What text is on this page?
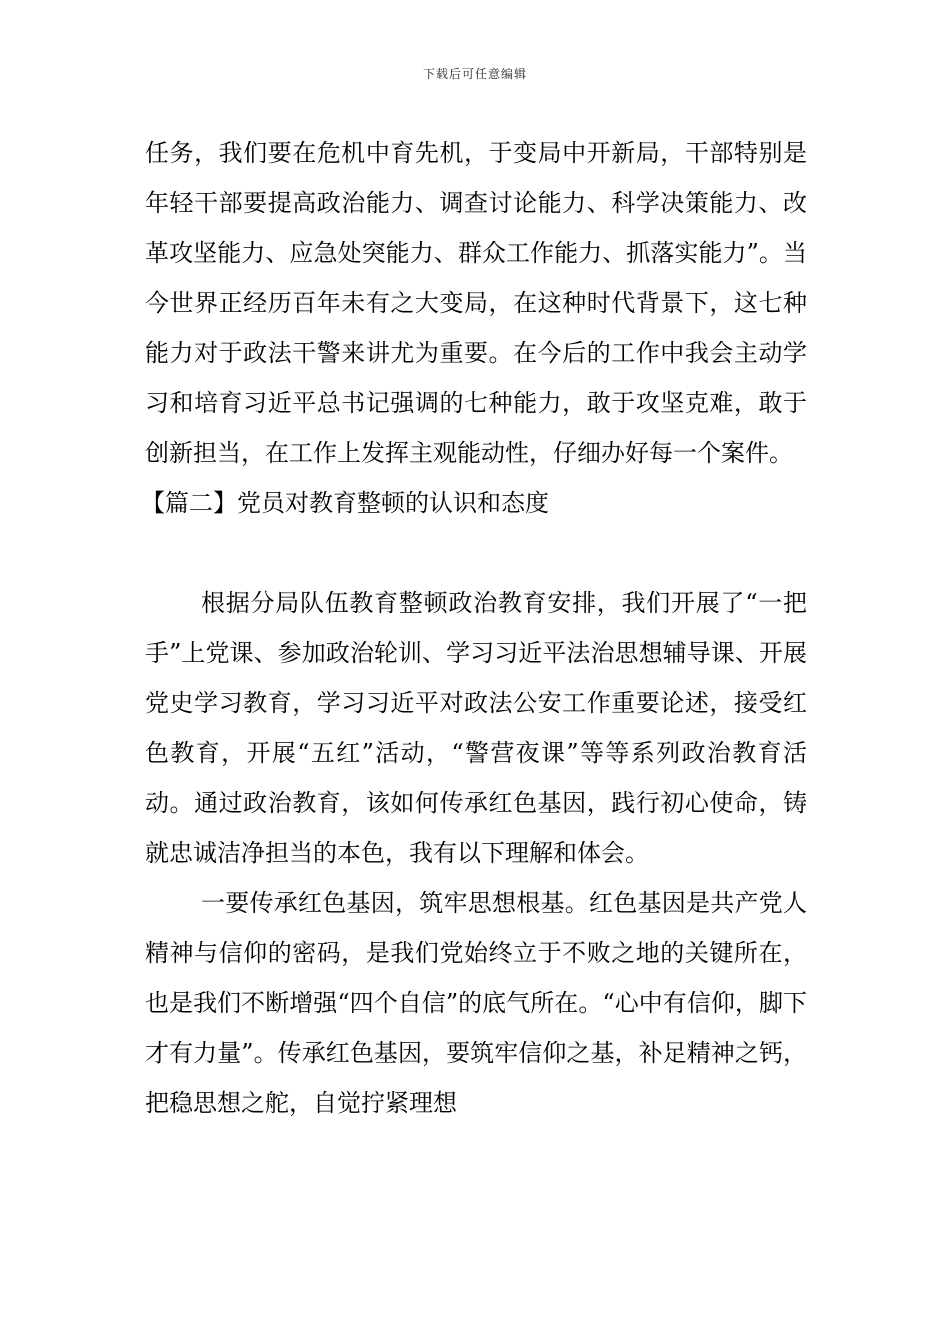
下载后可任意编辑

任务，我们要在危机中育先机，于变局中开新局，干部特别是年轻干部要提高政治能力、调查讨论能力、科学决策能力、改革攻坚能力、应急处突能力、群众工作能力、抓落实能力”。当今世界正经历百年未有之大变局，在这种时代背景下，这七种能力对于政法干警来讲尤为重要。在今后的工作中我会主动学习和培育习近平总书记强调的七种能力，敢于攻坚克难，敢于创新担当，在工作上发挥主观能动性，仔细办好每一个案件。

【篇二】党员对教育整顿的认识和态度

根据分局队伍教育整顿政治教育安排，我们开展了“一把手”上党课、参加政治轮训、学习习近平法治思想辅导课、开展党史学习教育，学习习近平对政法公安工作重要论述，接受红色教育，开展“五红”活动，“警营夜课”等等系列政治教育活动。通过政治教育，该如何传承红色基因，践行初心使命，铸就忠诚洁净担当的本色，我有以下理解和体会。

一要传承红色基因，筑牢思想根基。红色基因是共产党人精神与信仰的密码，是我们党始终立于不败之地的关键所在，也是我们不断增强“四个自信”的底气所在。“心中有信仰，脚下才有力量”。传承红色基因，要筑牢信仰之基，补足精神之钙，把稳思想之舵，自觉拧紧理想
